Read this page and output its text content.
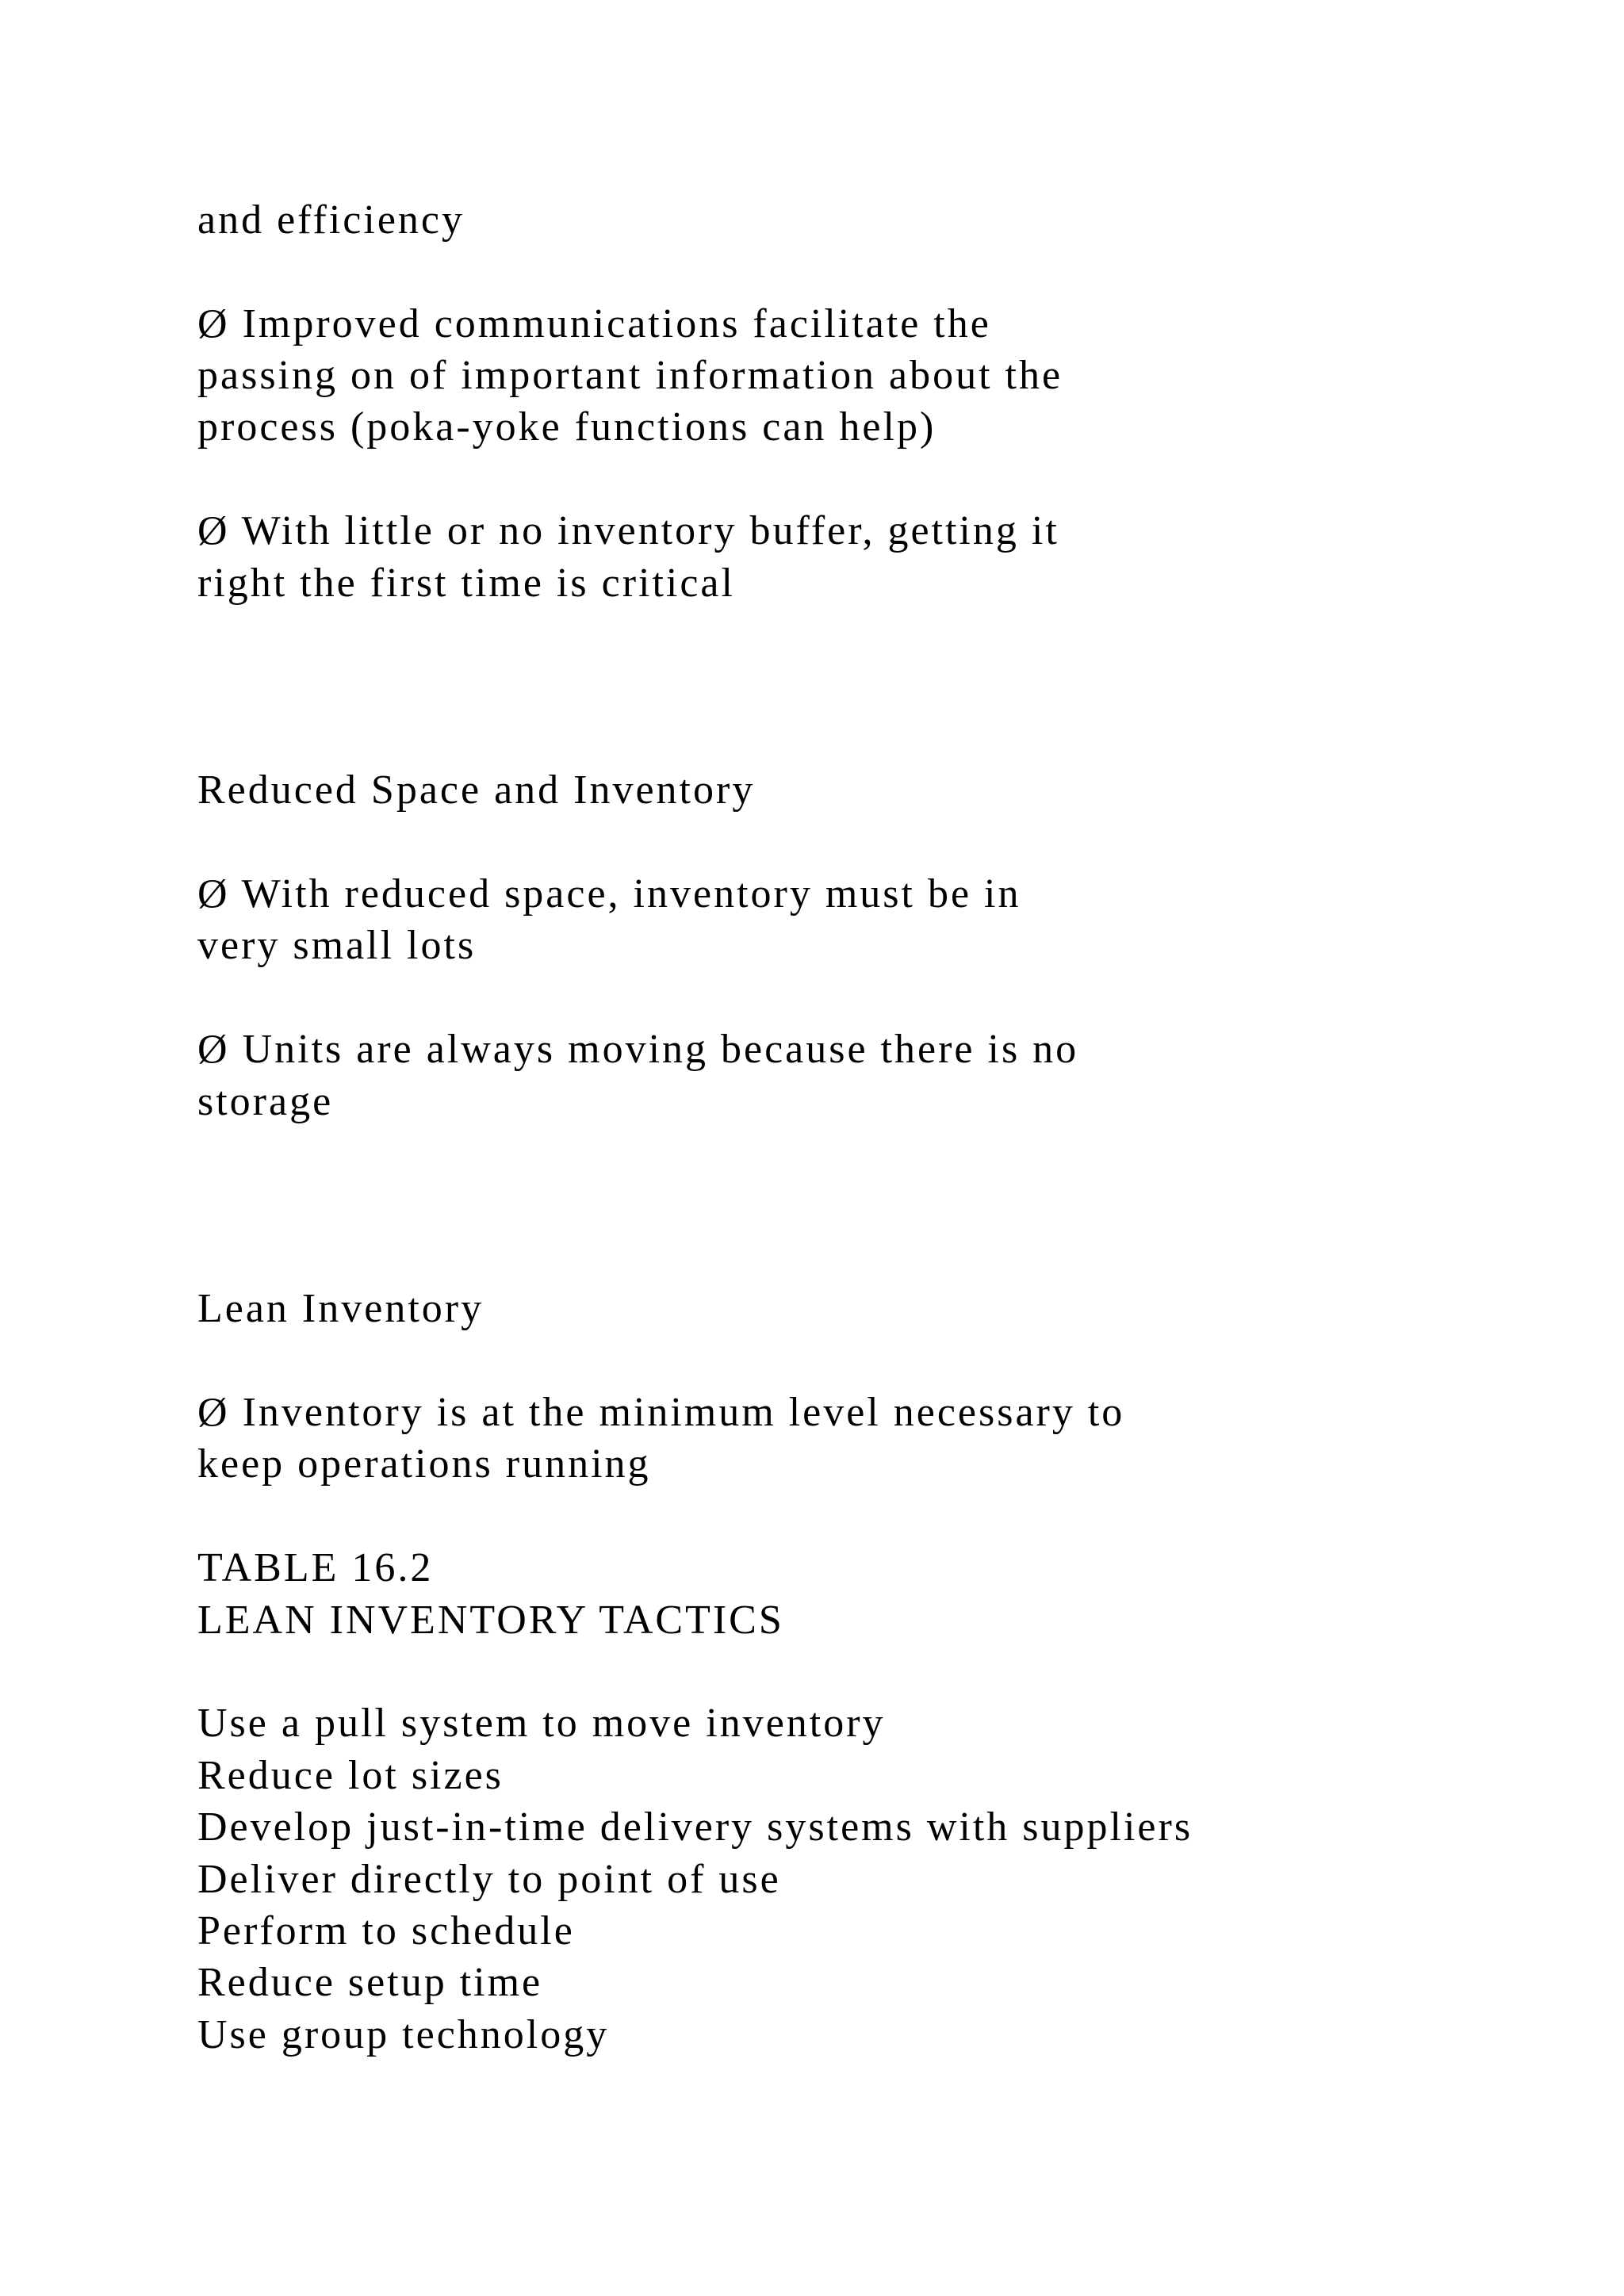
and efficiency

Ø Improved communications facilitate the

passing on of important information about the

process (poka-yoke functions can help)

Ø With little or no inventory buffer, getting it

right the first time is critical

Reduced Space and Inventory

Ø With reduced space, inventory must be in

very small lots

Ø Units are always moving because there is no

storage

Lean Inventory

Ø Inventory is at the minimum level necessary to

keep operations running

TABLE 16.2

LEAN INVENTORY TACTICS

Use a pull system to move inventory

Reduce lot sizes

Develop just-in-time delivery systems with suppliers

Deliver directly to point of use

Perform to schedule

Reduce setup time

Use group technology
